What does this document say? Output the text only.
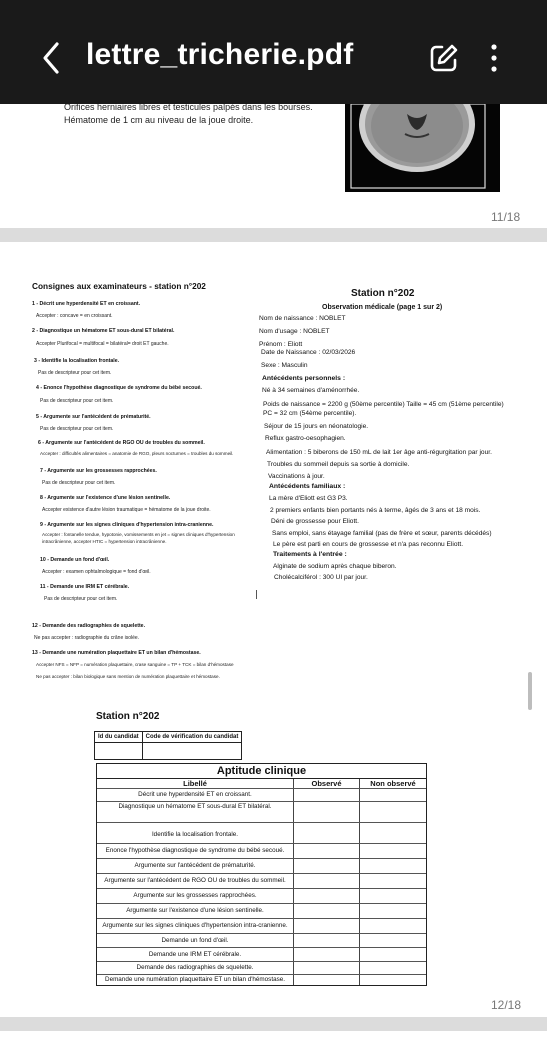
lettre_tricherie.pdf
Orifices herniaires libres et testicules palpés dans les bourses.
Hématome de 1 cm au niveau de la joue droite.
11/18
Consignes aux examinateurs - station n°202
1 - Décrit une hyperdensité ET en croissant.
Accepter : concave = en croissant.
2 - Diagnostique un hématome ET sous-dural ET bilatéral.
Accepter Plurifocal = multifocal = bilatéral= droit ET gauche.
3 - Identifie la localisation frontale.
Pas de descripteur pour cet item.
4 - Enonce l'hypothèse diagnostique de syndrome du bébé secoué.
Pas de descripteur pour cet item.
5 - Argumente sur l'antécédent de prématurité.
Pas de descripteur pour cet item.
6 - Argumente sur l'antécédent de RGO OU de troubles du sommeil.
Accepter : difficultés alimentaires = anatomie de RGO, pleurs nocturnes = troubles du sommeil.
7 - Argumente sur les grossesses rapprochées.
Pas de descripteur pour cet item.
8 - Argumente sur l'existence d'une lésion sentinelle.
Accepter existence d'autre lésion traumatique = hématome de la joue droite.
9 - Argumente sur les signes cliniques d'hypertension intra-cranienne.
Accepter : fontanelle tendue, hypotonie, vomissements en jet = signes cliniques d'hypertension
intracrânienne, accepter HTIC = hypertension intracrânienne.
10 - Demande un fond d'œil.
Accepter : examen ophtalmologique = fond d'œil.
11 - Demande une IRM ET cérébrale.
Pas de descripteur pour cet item.
12 - Demande des radiographies de squelette.
Ne pas accepter : radiographie du crâne isolée.
13 - Demande une numération plaquettaire ET un bilan d'hémostase.
Accepter NFS = NFP = numération plaquettaire, crase sanguine = TP + TCK = bilan d'hémostase
Ne pas accepter : bilan biologique sans mention de numération plaquettaire et hémostase.
Station n°202
Observation médicale (page 1 sur 2)
Nom de naissance : NOBLET
Nom d'usage : NOBLET
Prénom : Eliott
Date de Naissance : 02/03/2026
Sexe : Masculin
Antécédents personnels :
Né à 34 semaines d'aménorrhée.
Poids de naissance = 2200 g (50ème percentile) Taille = 45 cm (51ème percentile)
PC = 32 cm (54ème percentile).
Séjour de 15 jours en néonatologie.
Reflux gastro-oesophagien.
Alimentation : 5 biberons de 150 mL de lait 1er âge anti-régurgitation par jour.
Troubles du sommeil depuis sa sortie à domicile.
Vaccinations à jour.
Antécédents familiaux :
La mère d'Eliott est G3 P3.
2 premiers enfants bien portants nés à terme, âgés de 3 ans et 18 mois.
Déni de grossesse pour Eliott.
Sans emploi, sans étayage familial (pas de frère et sœur, parents décédés)
Le père est parti en cours de grossesse et n'a pas reconnu Eliott.
Traitements à l'entrée :
Alginate de sodium après chaque biberon.
Cholécalciférol : 300 UI par jour.
Station n°202
Id du candidat	Code de vérification du candidat

Aptitude clinique
Libellé	Observé	Non observé
Décrit une hyperdensité ET en croissant.
Diagnostique un hématome ET sous-dural ET bilatéral.
Identifie la localisation frontale.
Enonce l'hypothèse diagnostique de syndrome du bébé secoué.
Argumente sur l'antécédent de prématurité.
Argumente sur l'antécédent de RGO OU de troubles du sommeil.
Argumente sur les grossesses rapprochées.
Argumente sur l'existence d'une lésion sentinelle.
Argumente sur les signes cliniques d'hypertension intra-cranienne.
Demande un fond d'œil.
Demande une IRM ET cérébrale.
Demande des radiographies de squelette.
Demande une numération plaquettaire ET un bilan d'hémostase.
12/18
